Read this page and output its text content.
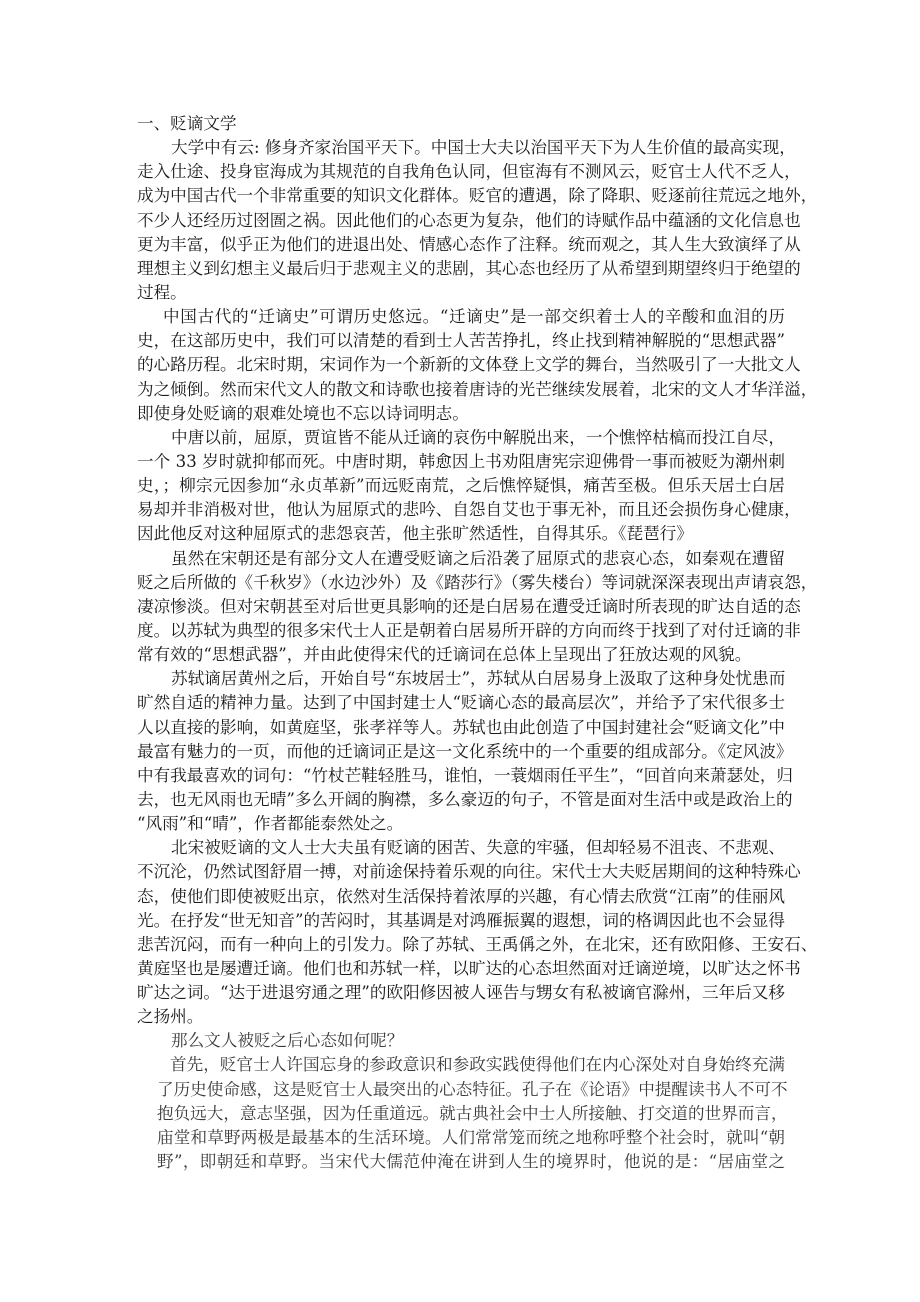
一、贬谪文学
大学中有云: 修身齐家治国平天下。中国士大夫以治国平天下为人生价值的最高实现，
走入仕途、投身宦海成为其规范的自我角色认同，但宦海有不测风云，贬官士人代不乏人，
成为中国古代一个非常重要的知识文化群体。贬官的遭遇，除了降职、贬逐前往荒远之地外，
不少人还经历过囹圄之祸。因此他们的心态更为复杂，他们的诗赋作品中蕴涵的文化信息也
更为丰富，似乎正为他们的进退出处、情感心态作了注释。统而观之，其人生大致演绎了从
理想主义到幻想主义最后归于悲观主义的悲剧，其心态也经历了从希望到期望终归于绝望的
过程。
中国古代的“迁谪史”可谓历史悠远。“迁谪史”是一部交织着士人的辛酸和血泪的历
史，在这部历史中，我们可以清楚的看到士人苦苦挣扎，终止找到精神解脱的“思想武器”
的心路历程。北宋时期，宋词作为一个新新的文体登上文学的舞台，当然吸引了一大批文人
为之倾倒。然而宋代文人的散文和诗歌也接着唐诗的光芒继续发展着，北宋的文人才华洋溢，
即使身处贬谪的艰难处境也不忘以诗词明志。
中唐以前，屈原，贾谊皆不能从迁谪的哀伤中解脱出来，一个憔悴枯槁而投江自尽，
一个 33 岁时就抑郁而死。中唐时期，韩愈因上书劝阻唐宪宗迎佛骨一事而被贬为潮州刺
史，；柳宗元因参加“永贞革新”而远贬南荒，之后憔悴疑惧，痛苦至极。但乐天居士白居
易却并非消极对世，他认为屈原式的悲吟、自怨自艾也于事无补，而且还会损伤身心健康，
因此他反对这种屈原式的悲怨哀苦，他主张旷然适性，自得其乐。《琵琶行》
虽然在宋朝还是有部分文人在遭受贬谪之后沿袭了屈原式的悲哀心态，如秦观在遭留
贬之后所做的《千秋岁》（水边沙外）及《踏莎行》（雾失楼台）等词就深深表现出声请哀怨，
凄凉惨淡。但对宋朝甚至对后世更具影响的还是白居易在遭受迁谪时所表现的旷达自适的态
度。以苏轼为典型的很多宋代士人正是朝着白居易所开辟的方向而终于找到了对付迁谪的非
常有效的“思想武器”，并由此使得宋代的迁谪词在总体上呈现出了狂放达观的风貌。
苏轼谪居黄州之后，开始自号“东坡居士”，苏轼从白居易身上汲取了这种身处忧患而
旷然自适的精神力量。达到了中国封建士人“贬谪心态的最高层次”，并给予了宋代很多士
人以直接的影响，如黄庭坚，张孝祥等人。苏轼也由此创造了中国封建社会“贬谪文化”中
最富有魅力的一页，而他的迁谪词正是这一文化系统中的一个重要的组成部分。《定风波》
中有我最喜欢的词句：“竹杖芒鞋轻胜马，谁怕，一蓑烟雨任平生”，“回首向来萧瑟处，归
去，也无风雨也无晴”多么开阔的胸襟，多么豪迈的句子，不管是面对生活中或是政治上的
“风雨”和“晴”，作者都能泰然处之。
北宋被贬谪的文人士大夫虽有贬谪的困苦、失意的牢骚，但却轻易不沮丧、不悲观、
不沉沦，仍然试图舒眉一搏，对前途保持着乐观的向往。宋代士大夫贬居期间的这种特殊心
态，使他们即使被贬出京，依然对生活保持着浓厚的兴趣，有心情去欣赏“江南”的佳丽风
光。在抒发“世无知音”的苦闷时，其基调是对鸿雁振翼的遐想，词的格调因此也不会显得
悲苦沉闷，而有一种向上的引发力。除了苏轼、王禹偁之外，在北宋，还有欧阳修、王安石、
黄庭坚也是屡遭迁谪。他们也和苏轼一样，以旷达的心态坦然面对迁谪逆境，以旷达之怀书
旷达之词。“达于进退穷通之理”的欧阳修因被人诬告与甥女有私被谪官滁州，三年后又移
之扬州。
那么文人被贬之后心态如何呢？
首先，贬官士人许国忘身的参政意识和参政实践使得他们在内心深处对自身始终充满
了历史使命感，这是贬官士人最突出的心态特征。孔子在《论语》中提醒读书人不可不
抱负远大，意志坚强，因为任重道远。就古典社会中士人所接触、打交道的世界而言，
庙堂和草野两极是最基本的生活环境。人们常常笼而统之地称呼整个社会时，就叫“朝
野”，即朝廷和草野。当宋代大儒范仲淹在讲到人生的境界时，他说的是：“居庙堂之
